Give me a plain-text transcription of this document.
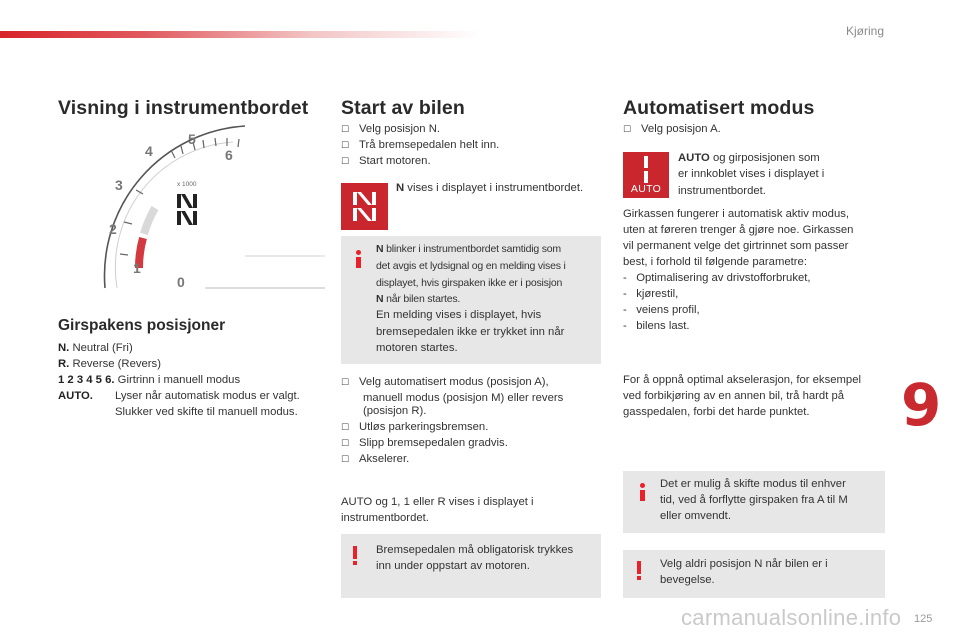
Kjøring
Visning i instrumentbordet
x 1000
0
1
2
3
4
5
6
Girspakens posisjoner
N. Neutral (Fri)
R. Reverse (Revers)
1 2 3 4 5 6. Girtrinn i manuell modus
AUTO. Lyser når automatisk modus er valgt.
Slukker ved skifte til manuell modus.
Start av bilen
☐ Velg posisjon N.
☐ Trå bremsepedalen helt inn.
☐ Start motoren.
N vises i displayet i instrumentbordet.
N blinker i instrumentbordet samtidig som
det avgis et lydsignal og en melding vises i
displayet, hvis girspaken ikke er i posisjon
N når bilen startes.
En melding vises i displayet, hvis
bremsepedalen ikke er trykket inn når
motoren startes.
☐ Velg automatisert modus (posisjon A),
manuell modus (posisjon M) eller revers
(posisjon R).
☐ Utløs parkeringsbremsen.
☐ Slipp bremsepedalen gradvis.
☐ Akselerer.
AUTO og 1, 1 eller R vises i displayet i
instrumentbordet.
Bremsepedalen må obligatorisk trykkes
inn under oppstart av motoren.
Automatisert modus
☐ Velg posisjon A.
AUTO
AUTO og girposisjonen som
er innkoblet vises i displayet i
instrumentbordet.
Girkassen fungerer i automatisk aktiv modus,
uten at føreren trenger å gjøre noe. Girkassen
vil permanent velge det girtrinnet som passer
best, i forhold til følgende parametre:
-   Optimalisering av drivstofforbruket,
-   kjørestil,
-   veiens profil,
-   bilens last.
For å oppnå optimal akselerasjon, for eksempel
ved forbikjøring av en annen bil, trå hardt på
gasspedalen, forbi det harde punktet.
Det er mulig å skifte modus til enhver
tid, ved å forflytte girspaken fra A til M
eller omvendt.
Velg aldri posisjon N når bilen er i
bevegelse.
9
carmanualsonline.info 125
